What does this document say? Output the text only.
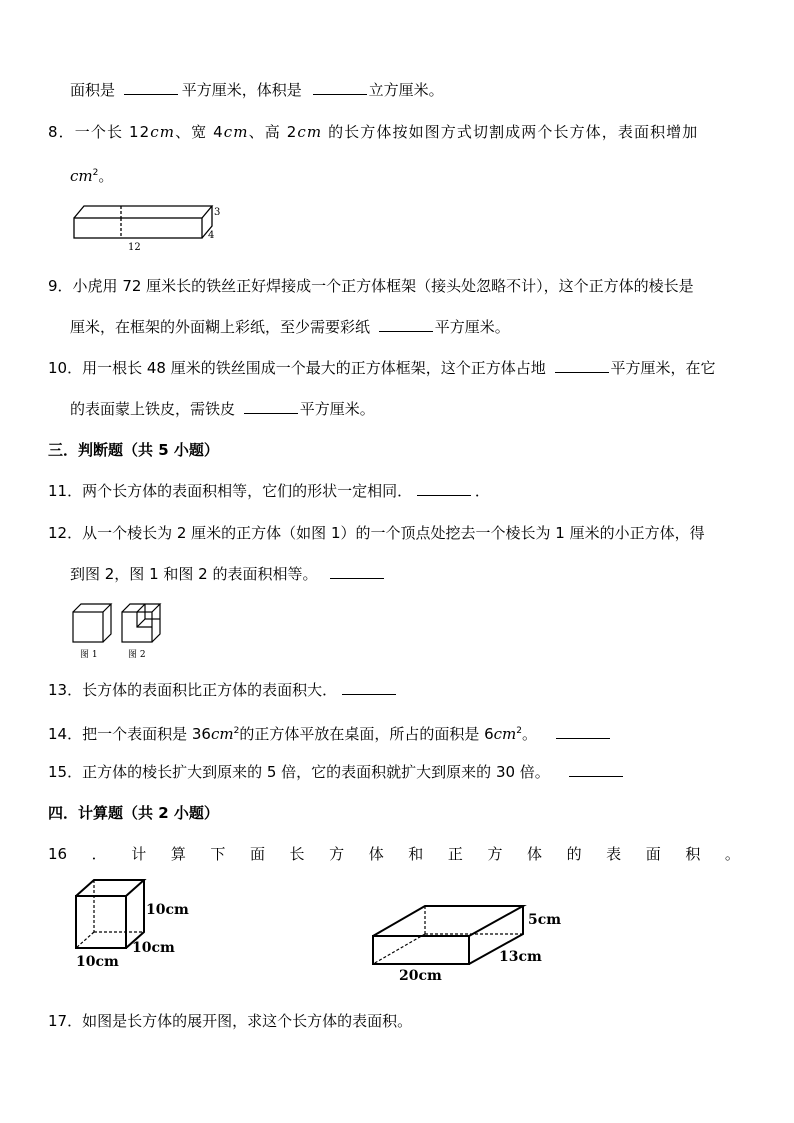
面积是	平方厘米，体积是	立方厘米。
8．一个长 12cm、宽 4cm、高 2cm 的长方体按如图方式切割成两个长方体，表面积增加
$cm^2$。
12
3
4
9．小虎用 72 厘米长的铁丝正好焊接成一个正方体框架（接头处忽略不计），这个正方体的棱长是
厘米，在框架的外面糊上彩纸，至少需要彩纸	平方厘米。
10．用一根长 48 厘米的铁丝围成一个最大的正方体框架，这个正方体占地	平方厘米，在它
的表面蒙上铁皮，需铁皮	平方厘米。
三．判断题（共 5 小题）
11．两个长方体的表面积相等，它们的形状一定相同．	．
12．从一个棱长为 2 厘米的正方体（如图 1）的一个顶点处挖去一个棱长为 1 厘米的小正方体，得
到图 2，图 1 和图 2 的表面积相等。
图 1	图 2
13．长方体的表面积比正方体的表面积大．
14．把一个表面积是 $36cm^2$的正方体平放在桌面，所占的面积是 $6cm^2$。
15．正方体的棱长扩大到原来的 5 倍，它的表面积就扩大到原来的 30 倍。
四．计算题（共 2 小题）
16 ． 计 算 下 面 长 方 体 和 正 方 体 的 表 面 积 。
10cm
10cm
10cm
5cm
13cm
20cm
17．如图是长方体的展开图，求这个长方体的表面积。
